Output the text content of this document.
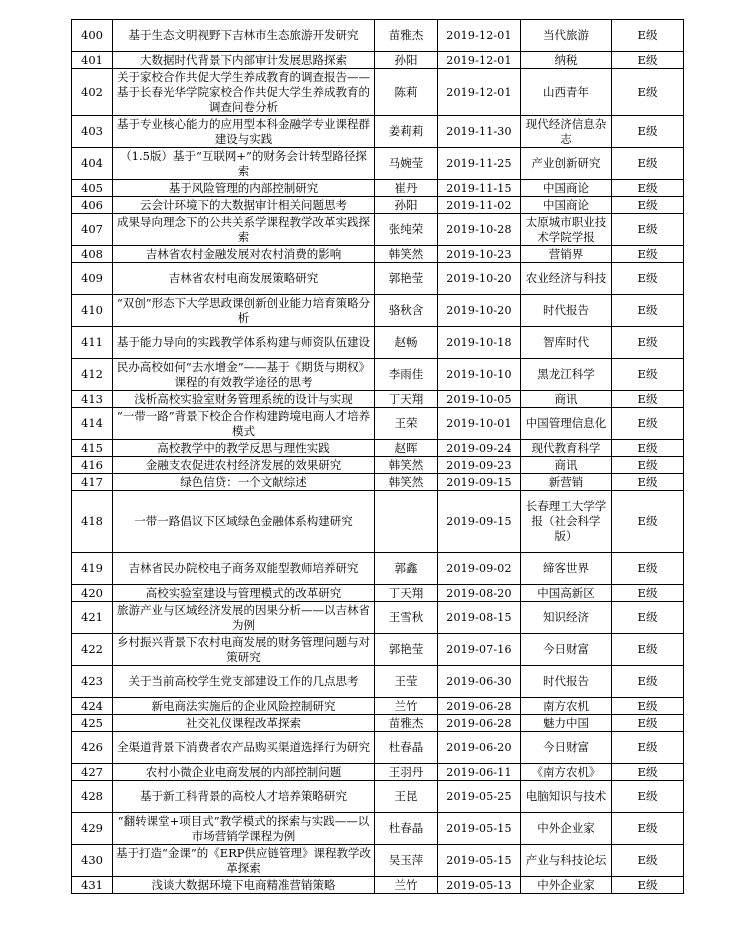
400	基于生态文明视野下吉林市生态旅游开发研究	苗雅杰	2019-12-01	当代旅游	E级
401	大数据时代背景下内部审计发展思路探索	孙阳	2019-12-01	纳税	E级
402	关于家校合作共促大学生养成教育的调查报告——基于长春光华学院家校合作共促大学生养成教育的调查问卷分析	陈莉	2019-12-01	山西青年	E级
403	基于专业核心能力的应用型本科金融学专业课程群建设与实践	姜莉莉	2019-11-30	现代经济信息杂志	E级
404	（1.5版）基于“互联网+”的财务会计转型路径探索	马婉莹	2019-11-25	产业创新研究	E级
405	基于风险管理的内部控制研究	崔丹	2019-11-15	中国商论	E级
406	云会计环境下的大数据审计相关问题思考	孙阳	2019-11-02	中国商论	E级
407	成果导向理念下的公共关系学课程教学改革实践探索	张纯荣	2019-10-28	太原城市职业技术学院学报	E级
408	吉林省农村金融发展对农村消费的影响	韩笑然	2019-10-23	营销界	E级
409	吉林省农村电商发展策略研究	郭艳莹	2019-10-20	农业经济与科技	E级
410	“双创”形态下大学思政课创新创业能力培育策略分析	骆秋含	2019-10-20	时代报告	E级
411	基于能力导向的实践教学体系构建与师资队伍建设	赵畅	2019-10-18	智库时代	E级
412	民办高校如何“去水增金”——基于《期货与期权》课程的有效教学途径的思考	李雨佳	2019-10-10	黑龙江科学	E级
413	浅析高校实验室财务管理系统的设计与实现	丁天翔	2019-10-05	商讯	E级
414	“一带一路”背景下校企合作构建跨境电商人才培养模式	王荣	2019-10-01	中国管理信息化	E级
415	高校教学中的教学反思与理性实践	赵晖	2019-09-24	现代教育科学	E级
416	金融支农促进农村经济发展的效果研究	韩笑然	2019-09-23	商讯	E级
417	绿色信贷：一个文献综述	韩笑然	2019-09-15	新营销	E级
418	一带一路倡议下区域绿色金融体系构建研究		2019-09-15	长春理工大学学报（社会科学版）	E级
419	吉林省民办院校电子商务双能型教师培养研究	郭鑫	2019-09-02	缔客世界	E级
420	高校实验室建设与管理模式的改革研究	丁天翔	2019-08-20	中国高新区	E级
421	旅游产业与区域经济发展的因果分析——以吉林省为例	王雪秋	2019-08-15	知识经济	E级
422	乡村振兴背景下农村电商发展的财务管理问题与对策研究	郭艳莹	2019-07-16	今日财富	E级
423	关于当前高校学生党支部建设工作的几点思考	王莹	2019-06-30	时代报告	E级
424	新电商法实施后的企业风险控制研究	兰竹	2019-06-28	南方农机	E级
425	社交礼仪课程改革探索	苗雅杰	2019-06-28	魅力中国	E级
426	全渠道背景下消费者农产品购买渠道选择行为研究	杜春晶	2019-06-20	今日财富	E级
427	农村小微企业电商发展的内部控制问题	王羽丹	2019-06-11	《南方农机》	E级
428	基于新工科背景的高校人才培养策略研究	王昆	2019-05-25	电脑知识与技术	E级
429	“翻转课堂+项目式”教学模式的探索与实践——以市场营销学课程为例	杜春晶	2019-05-15	中外企业家	E级
430	基于打造“金课”的《ERP供应链管理》课程教学改革探索	吴玉萍	2019-05-15	产业与科技论坛	E级
431	浅谈大数据环境下电商精准营销策略	兰竹	2019-05-13	中外企业家	E级
